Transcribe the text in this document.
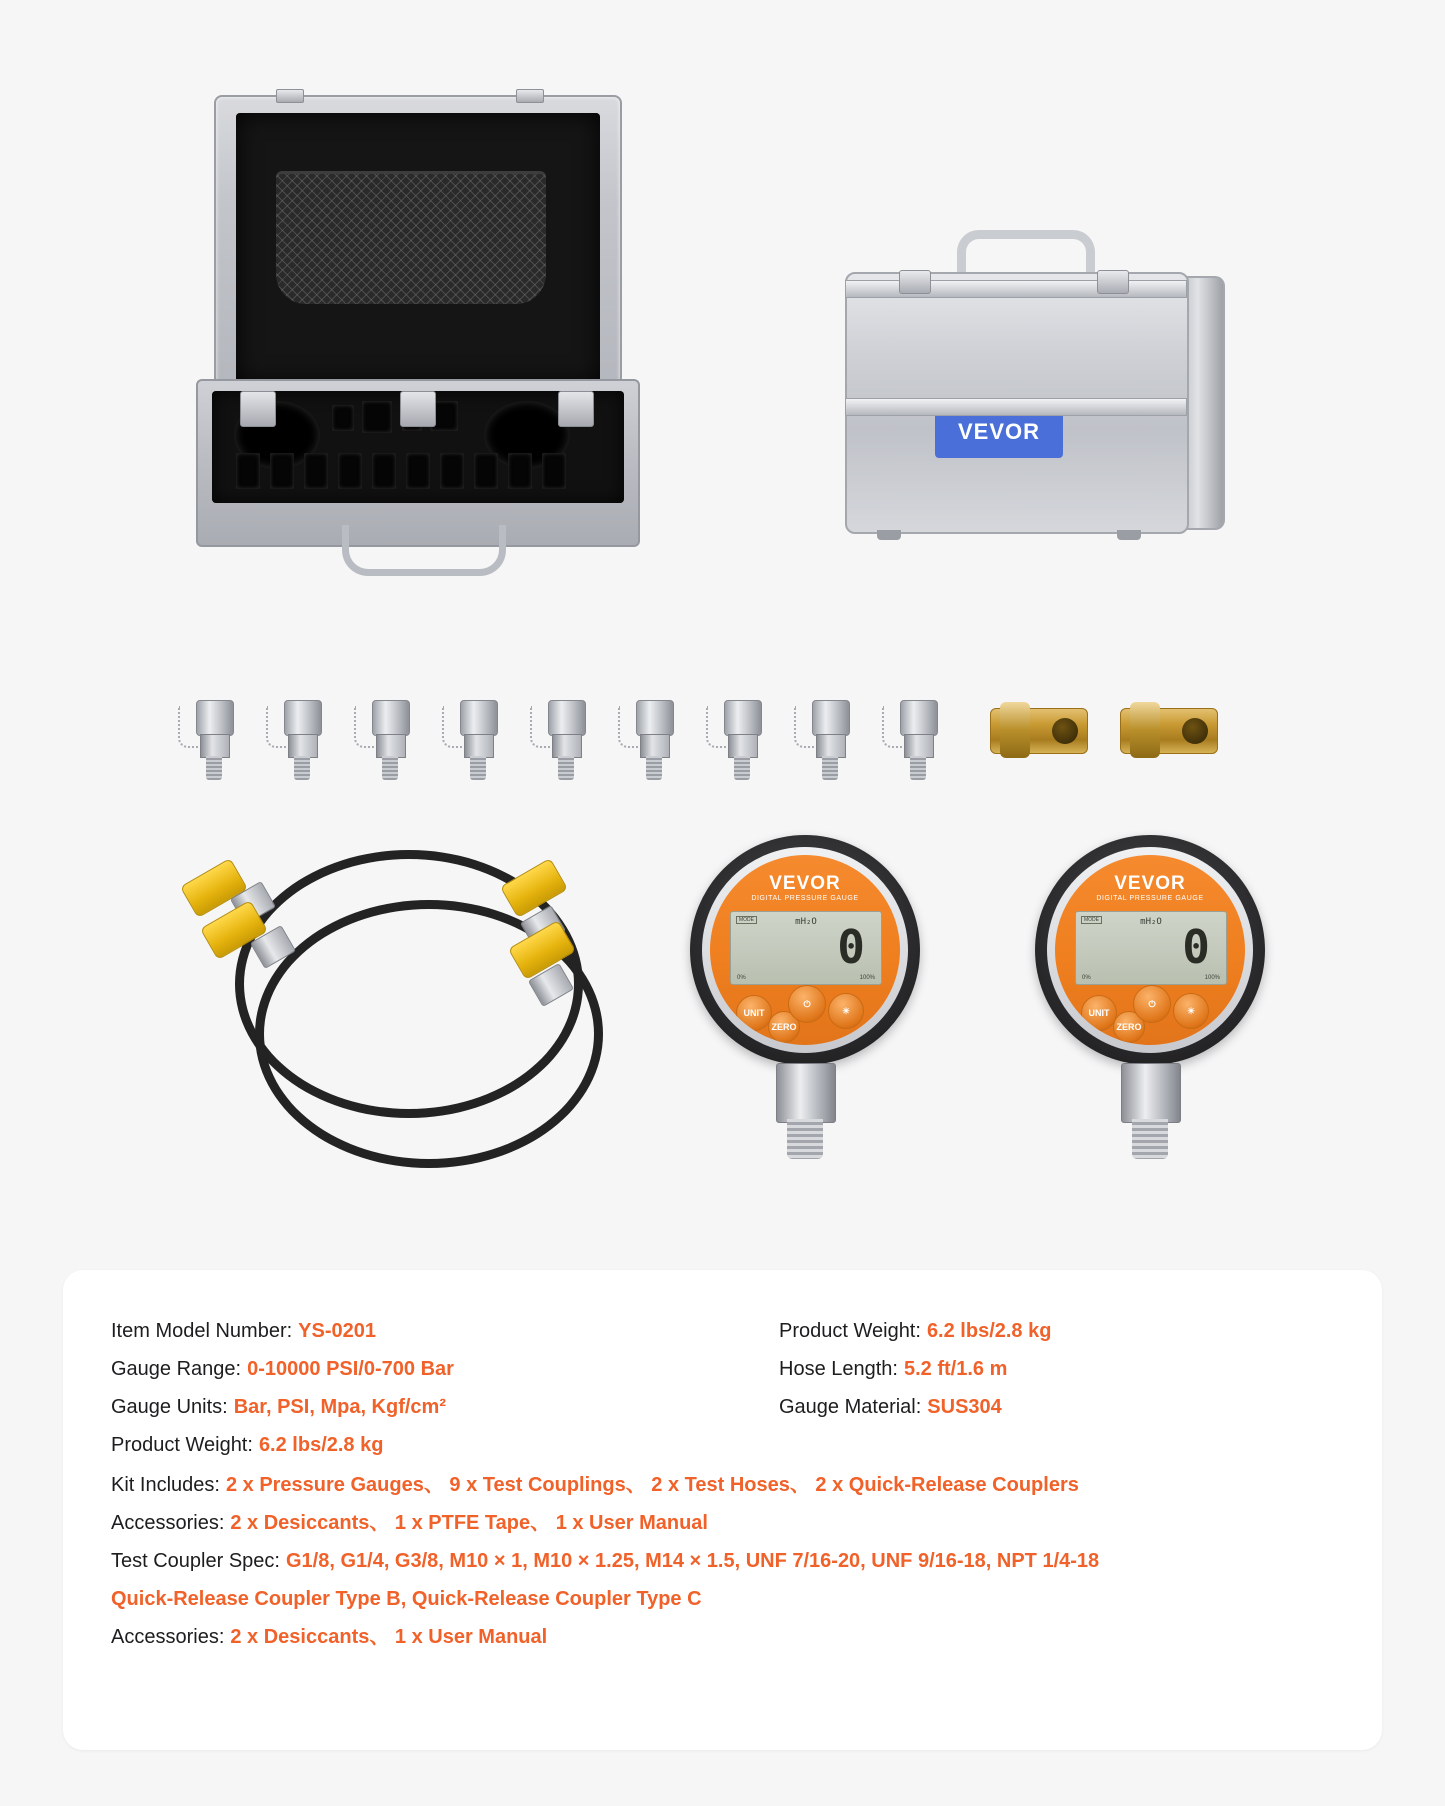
VEVOR
VEVOR
DIGITAL PRESSURE GAUGE
MODE	mH₂O 0
0%	100%
UNIT
ZERO
⏻
☀
VEVOR
DIGITAL PRESSURE GAUGE
MODE	mH₂O 0
0%	100%
UNIT
ZERO
⏻
☀
Item Model Number: YS-0201
Gauge Range: 0-10000 PSI/0-700 Bar
Gauge Units: Bar, PSI, Mpa, Kgf/cm²
Product Weight: 6.2 lbs/2.8 kg
Product Weight: 6.2 lbs/2.8 kg
Hose Length: 5.2 ft/1.6 m
Gauge Material: SUS304
Kit Includes: 2 x Pressure Gauges、 9 x Test Couplings、 2 x Test Hoses、 2 x Quick-Release Couplers
Accessories: 2 x Desiccants、 1 x PTFE Tape、 1 x User Manual
Test Coupler Spec: G1/8, G1/4, G3/8, M10 × 1, M10 × 1.25, M14 × 1.5, UNF 7/16-20, UNF 9/16-18, NPT 1/4-18
Quick-Release Coupler Type B, Quick-Release Coupler Type C
Accessories: 2 x Desiccants、 1 x User Manual
